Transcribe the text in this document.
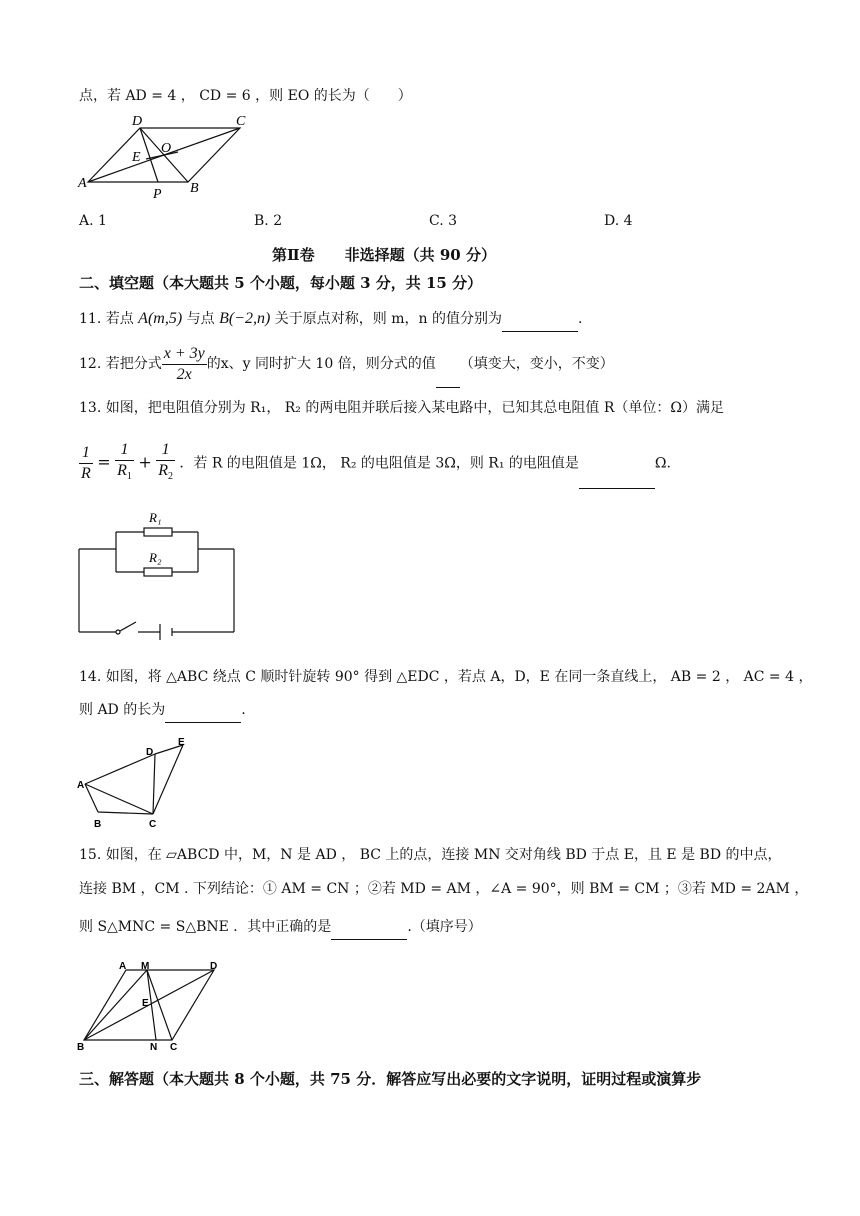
点，若 AD = 4 ， CD = 6 ，则 EO 的长为（　　）
D	C
E
O
A
P B
A. 1	B. 2	C. 3	D. 4
第Ⅱ卷　　非选择题（共 90 分）
二、填空题（本大题共 5 个小题，每小题 3 分，共 15 分）
11. 若点 A(m,5) 与点 B(−2,n) 关于原点对称，则 m，n 的值分别为	.
12. 若把分式 $\frac{x + 3y}{2x}$ 的x、y 同时扩大 10 倍，则分式的值 （填变大，变小，不变）
13. 如图，把电阻值分别为 R₁， R₂ 的两电阻并联后接入某电路中，已知其总电阻值 R（单位：Ω）满足
$\frac{1}{R} = \frac{1}{R_1} + \frac{1}{R_2}$ ．若 R 的电阻值是 1Ω， R₂ 的电阻值是 3Ω，则 R₁ 的电阻值是	Ω.
R₁
R₂
14. 如图，将 △ABC 绕点 C 顺时针旋转 90° 得到 △EDC ，若点 A，D，E 在同一条直线上， AB = 2 ， AC = 4 ，
则 AD 的长为	.
D
E
A
B	C
15. 如图，在 ▱ABCD 中，M，N 是 AD ， BC 上的点，连接 MN 交对角线 BD 于点 E，且 E 是 BD 的中点，
连接 BM ，CM . 下列结论：① AM = CN ；②若 MD = AM ，∠A = 90°，则 BM = CM ；③若 MD = 2AM ，
则 S△MNC = S△BNE ．其中正确的是	.（填序号）
A M	D
E
B	N C
三、解答题（本大题共 8 个小题，共 75 分．解答应写出必要的文字说明，证明过程或演算步
